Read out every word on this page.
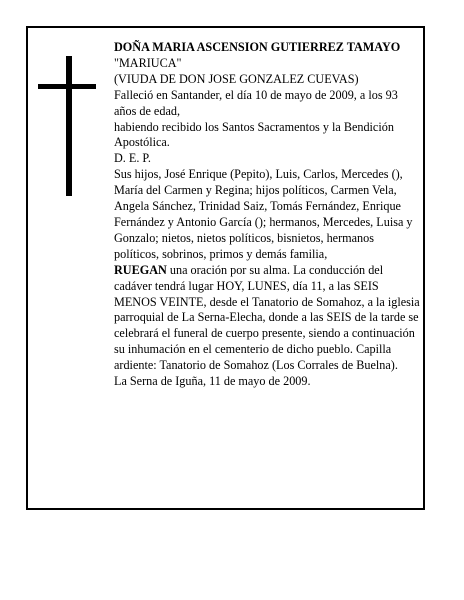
DOÑA MARIA ASCENSION GUTIERREZ TAMAYO

"MARIUCA"

(VIUDA DE DON JOSE GONZALEZ CUEVAS)

Falleció en Santander, el día 10 de mayo de 2009, a los 93 años de edad,

habiendo recibido los Santos Sacramentos y la Bendición Apostólica.

D. E. P.

Sus hijos, José Enrique (Pepito), Luis, Carlos, Mercedes (), María del Carmen y Regina; hijos políticos, Carmen Vela, Angela Sánchez, Trinidad Saiz, Tomás Fernández, Enrique Fernández y Antonio García (); hermanos, Mercedes, Luisa y Gonzalo; nietos, nietos políticos, bisnietos, hermanos políticos, sobrinos, primos y demás familia,

RUEGAN una oración por su alma. La conducción del cadáver tendrá lugar HOY, LUNES, día 11, a las SEIS MENOS VEINTE, desde el Tanatorio de Somahoz, a la iglesia parroquial de La Serna-Elecha, donde a las SEIS de la tarde se celebrará el funeral de cuerpo presente, siendo a continuación su inhumación en el cementerio de dicho pueblo. Capilla ardiente: Tanatorio de Somahoz (Los Corrales de Buelna).

La Serna de Iguña, 11 de mayo de 2009.
